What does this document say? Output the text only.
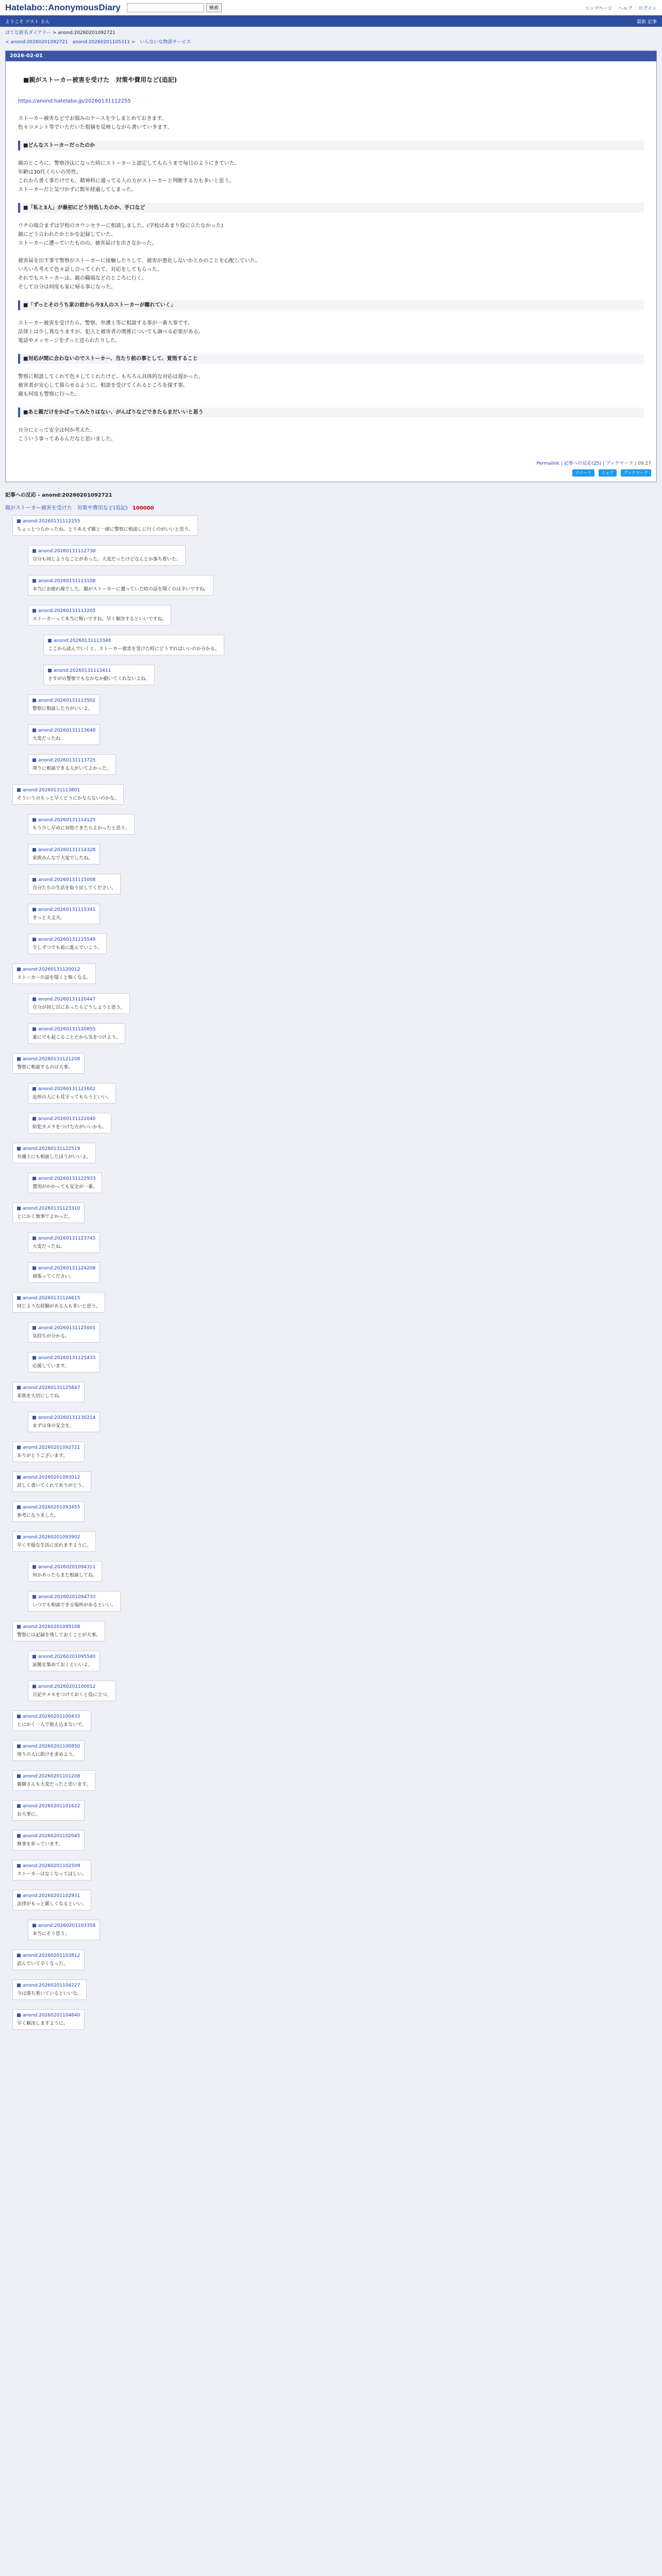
Hatelabo::AnonymousDiary	検索	トップページ ヘルプ ログイン
ようこそ ゲスト さん	最新 記事
はてな匿名ダイアリー > anond:20260201092721
< anond:20260201092721 anond:20260201105311 > いらないな物語サービス
2026-02-01
■親がストーカー被害を受けた　対策や費用など(追記)
https://anond.hatelabo.jp/20260131112255
ストーカー被害などでお悩みのケースを少しまとめておきます。
色々コメント等でいただいた指摘を反映しながら書いていきます。
■どんなストーカーだったのか
親のところに、警察沙汰になった時にストーカーと認定してもらうまで毎日のようにきていた。
年齢は30代くらいの男性。
これから書く事だけでも、精神科に通ってる人の方がストーカーと判断する方も多いと思う。
ストーカーだと気づかずに数年経過してしまった。
■「私と3人」が最初にどう対処したのか、手口など
ウチの場合まずは学校のカウンセラーに相談しました。(学校はあまり役に立たなかった)
親にどう言われたかとかを記録していた。
ストーカーに遭っていたものの、被害届けを出さなかった。
被害届を出す事で警察がストーカーに接触したりして、被害が悪化しないかとかのことを心配していた。
いろいろ考えて色々話し合ってくれて、対応をしてもらった。
それでもストーカーは、親の職場などのところに行く。
そして自分は何度も家に帰る事になった。
■「ずっとそのうち家の前から今3人のストーカーが離れていく」
ストーカー被害を受けたら、警察、弁護士等に相談する事が一番大事です。
法律上は少し異なりますが、犯人と被害者の関係についても調べる必要がある。
電話やメッセージをずっと送られたりした。
■対応が間に合わないのでストーカー、当たり前の事として、覚悟すること
警察に相談してくれて色々してくれたけど、もちろん具体的な対応は遅かった。
被害者が安心して暮らせるように、相談を受けてくれるところを探す事。
親も何度も警察に行った。
■あと親だけをかばってみたりはない、がんばりなどできたらまだいいと思う
自分にとって安全は何か考えた。
こういう事ってあるんだなと思いました。
Permalink | 記事への反応(25) | ブックマーク | 09:27
ツイート シェア ブックマーク
記事への反応 - anond:20260201092721
親がストーカー被害を受けた　対策や費用など(追記) 100000
anond:20260131112255
ちょっとつらかったね。とりあえず親と一緒に警察に相談しに行くのがいいと思う。
anond:20260131112738
自分も同じようなことがあった。大変だったけどなんとか落ち着いた。
anond:20260131113108
本当にお疲れ様でした。親がストーカーに遭っていた時の話を聞くのは辛いですね。
anond:20260131113205
ストーカーって本当に怖いですね。早く解決するといいですね。
anond:20260131113348
ここから読んでいくと、ストーカー被害を受けた時にどうすればいいのか分かる。
anond:20260131113411
さすがの警察でもなかなか動いてくれないよね。
anond:20260131113502
警察に相談した方がいいよ。
anond:20260131113648
大変だったね
anond:20260131113725
周りに相談できる人がいてよかった。
anond:20260131113801
そういうのもっと早くどうにかならないのかな。
anond:20260131114125
もう少し早めに対処できたらよかったと思う。
anond:20260131114328
家族みんなで大変でしたね。
anond:20260131115008
自分たちの生活を取り戻してください。
anond:20260131115341
きっと大丈夫。
anond:20260131115549
少しずつでも前に進んでいこう。
anond:20260131120012
ストーカーの話を聞くと怖くなる。
anond:20260131120447
自分が同じ目にあったらどうしようと思う。
anond:20260131120855
誰にでも起こることだから気をつけよう。
anond:20260131121208
警察に相談するのは大事。
anond:20260131121602
近所の人にも見守ってもらうといい。
anond:20260131122040
防犯カメラをつけた方がいいかも。
anond:20260131122519
弁護士にも相談したほうがいいよ。
anond:20260131122933
費用がかかっても安全が一番。
anond:20260131123310
とにかく無事でよかった。
anond:20260131123745
大変だったね。
anond:20260131124208
頑張ってください。
anond:20260131124615
同じような経験がある人も多いと思う。
anond:20260131125001
気持ちが分かる。
anond:20260131125433
応援しています。
anond:20260131125847
家族を大切にしてね。
anond:20260131130214
まずは身の安全を。
anond:20260201092721
ありがとうございます。
anond:20260201093012
詳しく書いてくれてありがとう。
anond:20260201093455
参考になりました。
anond:20260201093902
早く平穏な生活に戻れますように。
anond:20260201094311
何かあったらまた相談してね。
anond:20260201094733
いつでも相談できる場所があるといい。
anond:20260201095108
警察には記録を残しておくことが大事。
anond:20260201095540
証拠を集めておくといいよ。
anond:20260201100012
日記やメモをつけておくと役に立つ。
anond:20260201100433
とにかく一人で抱え込まないで。
anond:20260201100850
周りの人に助けを求めよう。
anond:20260201101208
親御さんも大変だったと思います。
anond:20260201101622
お大事に。
anond:20260201102045
無事を祈っています。
anond:20260201102509
ストーカーはなくなってほしい。
anond:20260201102931
法律がもっと厳しくなるといい。
anond:20260201103358
本当にそう思う。
anond:20260201103812
読んでいて辛くなった。
anond:20260201104227
今は落ち着いているといいな。
anond:20260201104640
早く解決しますように。
